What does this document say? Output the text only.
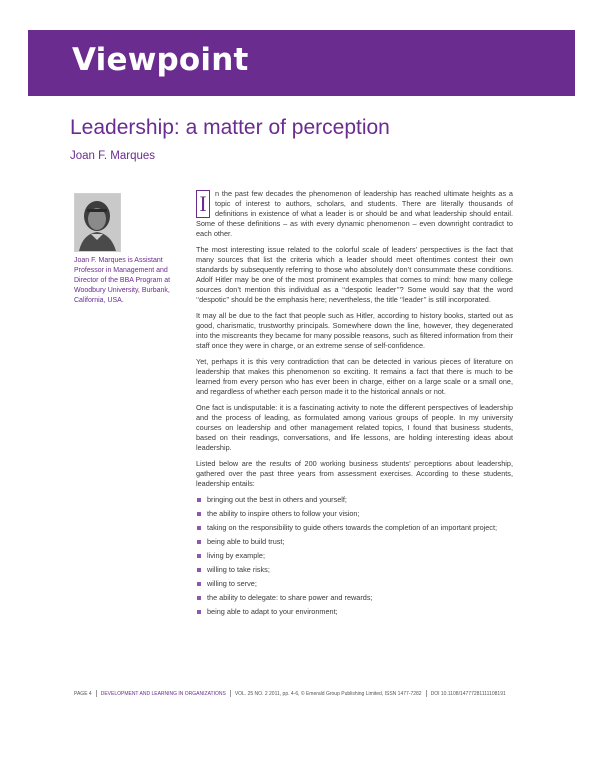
Viewpoint
Leadership: a matter of perception
Joan F. Marques
Joan F. Marques is Assistant Professor in Management and Director of the BBA Program at Woodbury University, Burbank, California, USA.

I	n the past few decades the phenomenon of leadership has reached ultimate heights as a topic of interest to authors, scholars, and students. There are literally thousands of definitions in existence of what a leader is or should be and what leadership should entail. Some of these definitions – as with every dynamic phenomenon – even downright contradict to each other.

The most interesting issue related to the colorful scale of leaders’ perspectives is the fact that many sources that list the criteria which a leader should meet oftentimes contest their own standards by subsequently referring to those who absolutely don’t consummate these conditions. Adolf Hitler may be one of the most prominent examples that comes to mind: how many college sources don’t mention this individual as a ‘‘despotic leader’’? Some would say that the word ‘‘despotic’’ should be the emphasis here; nevertheless, the title ‘‘leader’’ is still incorporated.

It may all be due to the fact that people such as Hitler, according to history books, started out as good, charismatic, trustworthy principals. Somewhere down the line, however, they degenerated into the miscreants they became for many possible reasons, such as filtered information from their staff once they were in charge, or an extreme sense of self-confidence.

Yet, perhaps it is this very contradiction that can be detected in various pieces of literature on leadership that makes this phenomenon so exciting. It remains a fact that there is much to be learned from every person who has ever been in charge, either on a large scale or a small one, and regardless of whether each person made it to the historical annals or not.

One fact is undisputable: it is a fascinating activity to note the different perspectives of leadership and the process of leading, as formulated among various groups of people. In my university courses on leadership and other management related topics, I found that business students, based on their readings, conversations, and life lessons, are holding interesting ideas about leadership.

Listed below are the results of 200 working business students’ perceptions about leadership, gathered over the past three years from assessment exercises. According to these students, leadership entails:

bringing out the best in others and yourself;
the ability to inspire others to follow your vision;
taking on the responsibility to guide others towards the completion of an important project;
being able to build trust;
living by example;
willing to take risks;
willing to serve;
the ability to delegate: to share power and rewards;
being able to adapt to your environment;
PAGE 4 DEVELOPMENT AND LEARNING IN ORGANIZATIONS VOL. 25 NO. 2 2011, pp. 4-6, © Emerald Group Publishing Limited, ISSN 1477-7282 DOI 10.1108/14777281111108191
